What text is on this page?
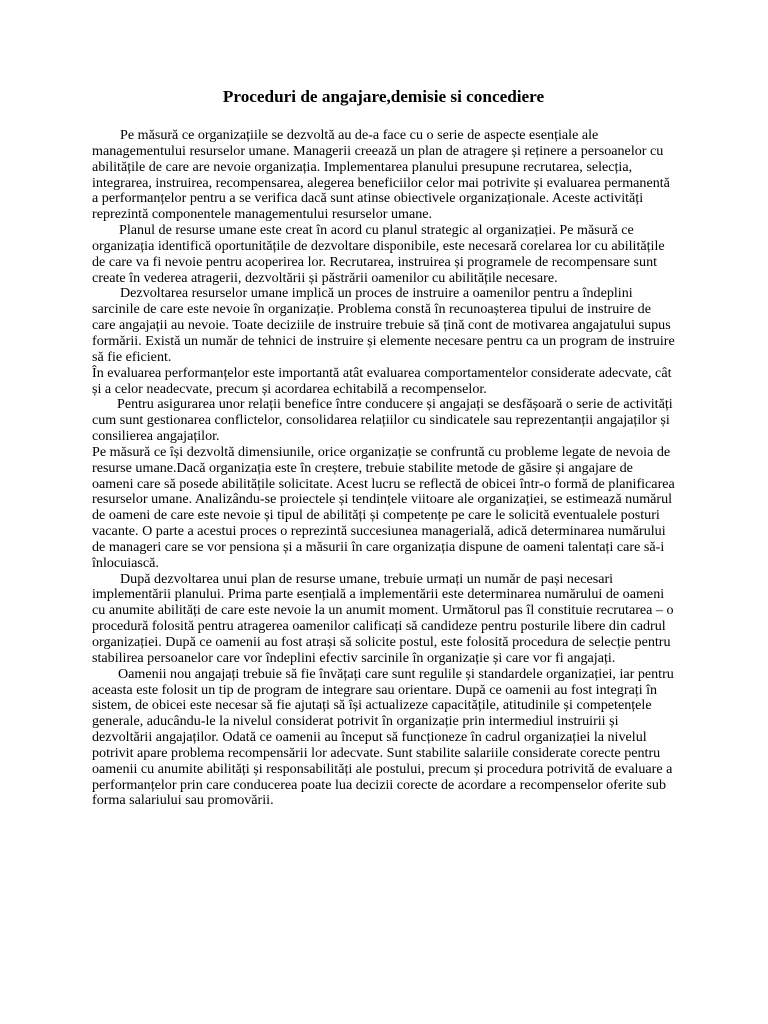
Proceduri de angajare,demisie si concediere

Pe măsură ce organizațiile se dezvoltă au de-a face cu o serie de aspecte esențiale ale managementului resurselor umane. Managerii creează un plan de atragere și reținere a persoanelor cu abilitățile de care are nevoie organizația. Implementarea planului presupune recrutarea, selecția, integrarea, instruirea, recompensarea, alegerea beneficiilor celor mai potrivite și evaluarea permanentă a performanțelor pentru a se verifica dacă sunt atinse obiectivele organizaționale. Aceste activități reprezintă componentele managementului resurselor umane.

Planul de resurse umane este creat în acord cu planul strategic al organizației. Pe măsură ce organizația identifică oportunitățile de dezvoltare disponibile, este necesară corelarea lor cu abilitățile de care va fi nevoie pentru acoperirea lor. Recrutarea, instruirea și programele de recompensare sunt create în vederea atragerii, dezvoltării și păstrării oamenilor cu abilitățile necesare.

Dezvoltarea resurselor umane implică un proces de instruire a oamenilor pentru a îndeplini sarcinile de care este nevoie în organizație. Problema constă în recunoașterea tipului de instruire de care angajații au nevoie. Toate deciziile de instruire trebuie să țină cont de motivarea angajatului supus formării. Există un număr de tehnici de instruire și elemente necesare pentru ca un program de instruire să fie eficient.

În evaluarea performanțelor este importantă atât evaluarea comportamentelor considerate adecvate, cât și a celor neadecvate, precum și acordarea echitabilă a recompenselor.

Pentru asigurarea unor relații benefice între conducere și angajați se desfășoară o serie de activități cum sunt gestionarea conflictelor, consolidarea relațiilor cu sindicatele sau reprezentanții angajaților și consilierea angajaților.

Pe măsură ce își dezvoltă dimensiunile, orice organizație se confruntă cu probleme legate de nevoia de resurse umane.Dacă organizația este în creștere, trebuie stabilite metode de găsire și angajare de oameni care să posede abilitățile solicitate. Acest lucru se reflectă de obicei într-o formă de planificarea resurselor umane. Analizându-se proiectele și tendințele viitoare ale organizației, se estimează numărul de oameni de care este nevoie și tipul de abilități și competențe pe care le solicită eventualele posturi vacante. O parte a acestui proces o reprezintă succesiunea managerială, adică determinarea numărului de manageri care se vor pensiona și a măsurii în care organizația dispune de oameni talentați care să-i înlocuiască.

După dezvoltarea unui plan de resurse umane, trebuie urmați un număr de pași necesari implementării planului. Prima parte esențială a implementării este determinarea numărului de oameni cu anumite abilități de care este nevoie la un anumit moment. Următorul pas îl constituie recrutarea – o procedură folosită pentru atragerea oamenilor calificați să candideze pentru posturile libere din cadrul organizației. După ce oamenii au fost atrași să solicite postul, este folosită procedura de selecție pentru stabilirea persoanelor care vor îndeplini efectiv sarcinile în organizație și care vor fi angajați.

Oamenii nou angajați trebuie să fie învățați care sunt regulile și standardele organizației, iar pentru aceasta este folosit un tip de program de integrare sau orientare. După ce oamenii au fost integrați în sistem, de obicei este necesar să fie ajutați să își actualizeze capacitățile, atitudinile și competențele generale, aducându-le la nivelul considerat potrivit în organizație prin intermediul instruirii și dezvoltării angajaților. Odată ce oamenii au început să funcționeze în cadrul organizației la nivelul potrivit apare problema recompensării lor adecvate. Sunt stabilite salariile considerate corecte pentru oamenii cu anumite abilități și responsabilități ale postului, precum și procedura potrivită de evaluare a performanțelor prin care conducerea poate lua decizii corecte de acordare a recompenselor oferite sub forma salariului sau promovării.
